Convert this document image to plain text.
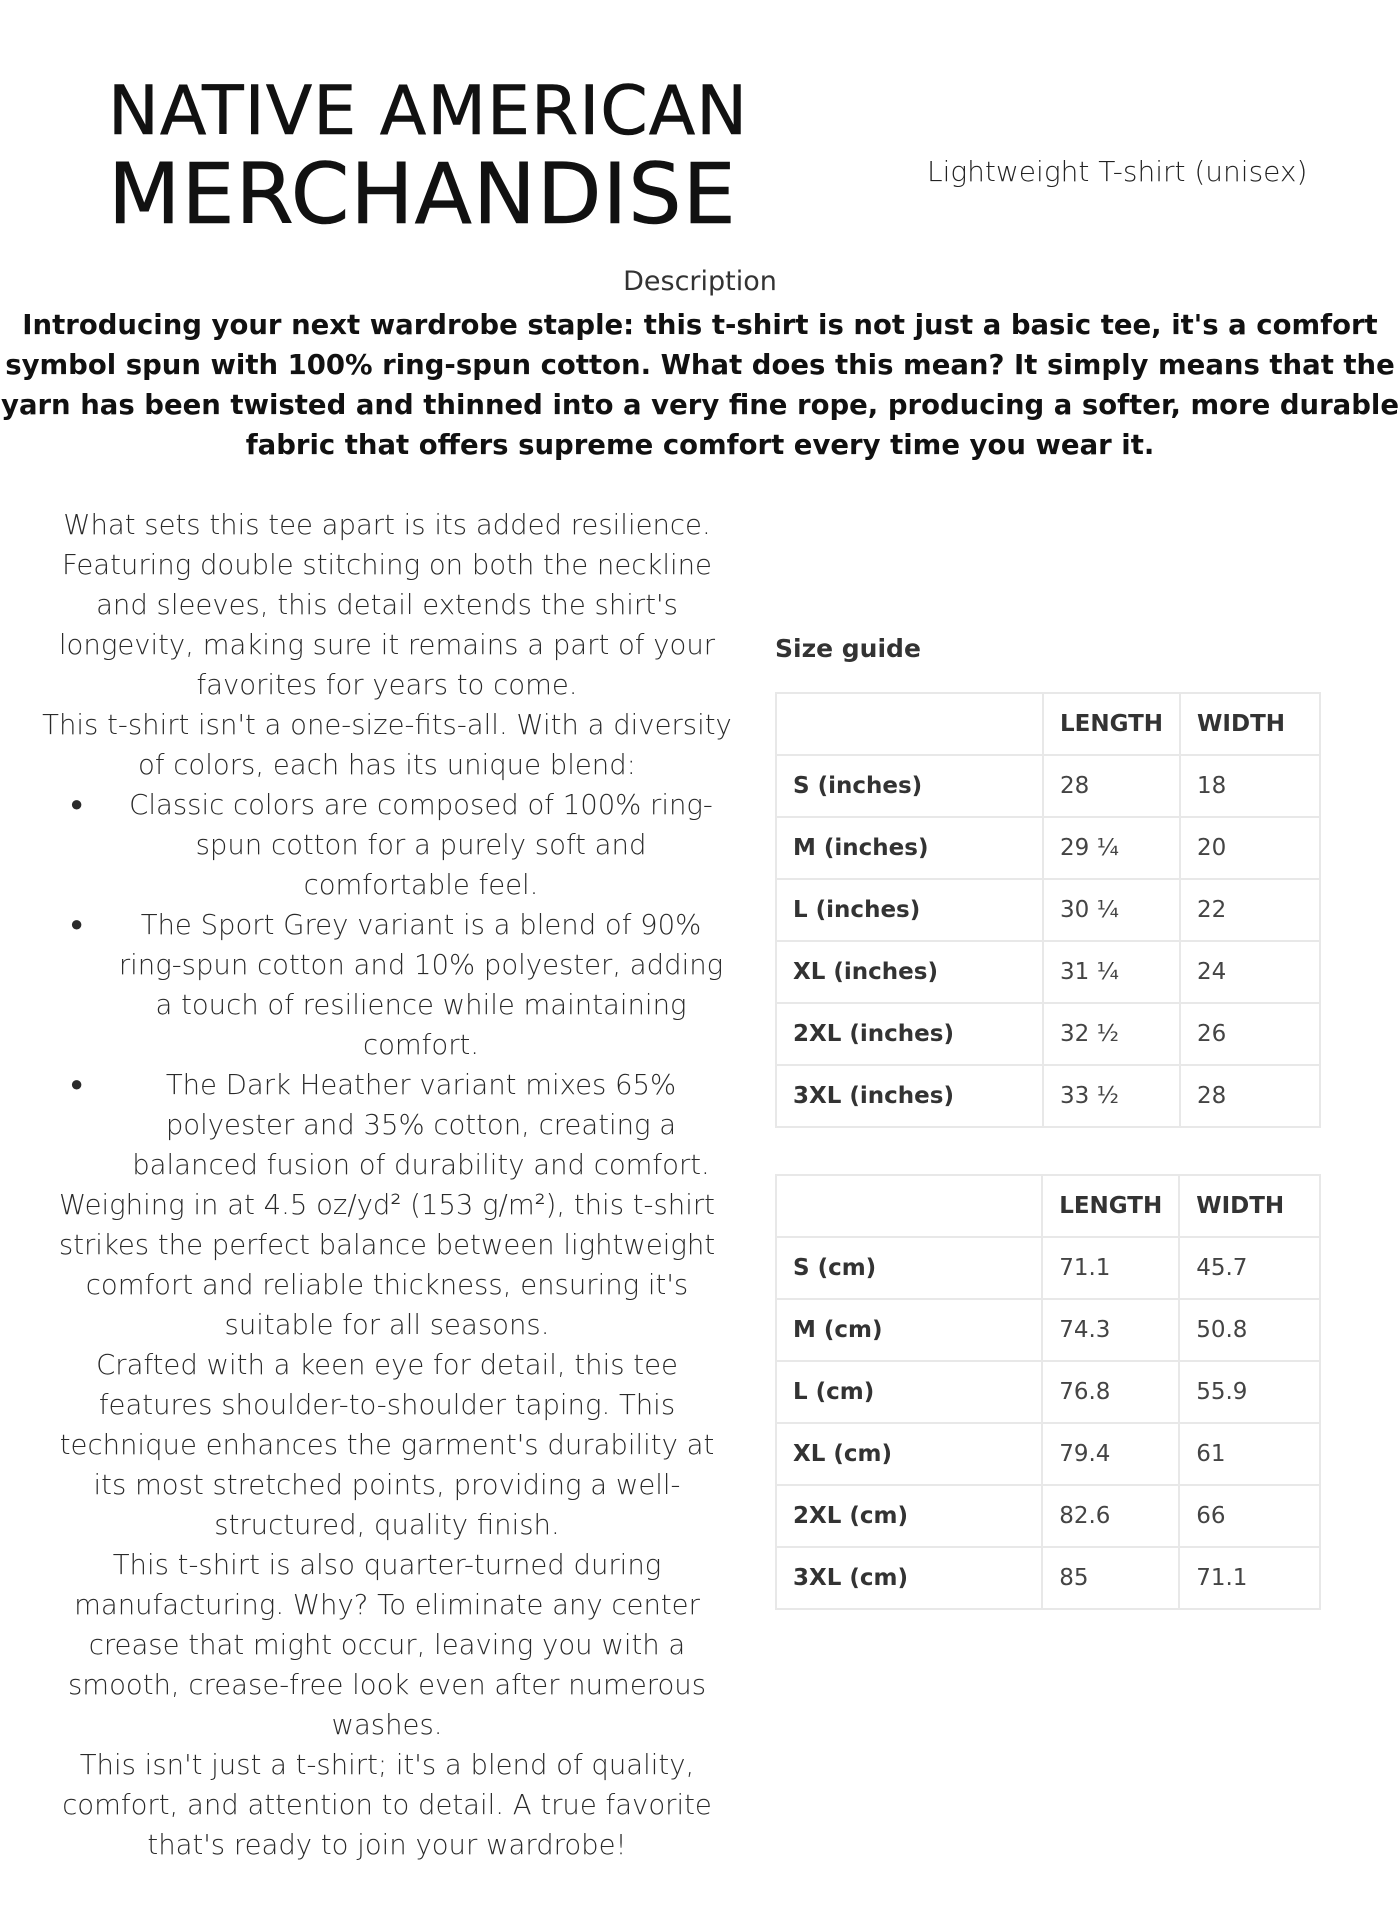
NATIVE AMERICAN
MERCHANDISE	Lightweight T-shirt (unisex)
Description
Introducing your next wardrobe staple: this t-shirt is not just a basic tee, it's a comfort symbol spun with 100% ring-spun cotton. What does this mean? It simply means that the yarn has been twisted and thinned into a very fine rope, producing a softer, more durable fabric that offers supreme comfort every time you wear it.

What sets this tee apart is its added resilience. Featuring double stitching on both the neckline and sleeves, this detail extends the shirt's longevity, making sure it remains a part of your favorites for years to come.

This t-shirt isn't a one-size-fits-all. With a diversity of colors, each has its unique blend:

● Classic colors are composed of 100% ring-spun cotton for a purely soft and comfortable feel.
● The Sport Grey variant is a blend of 90% ring-spun cotton and 10% polyester, adding a touch of resilience while maintaining comfort.
●	The Dark Heather variant mixes 65% polyester and 35% cotton, creating a balanced fusion of durability and comfort.

Weighing in at 4.5 oz/yd² (153 g/m²), this t-shirt strikes the perfect balance between lightweight comfort and reliable thickness, ensuring it's suitable for all seasons.

Crafted with a keen eye for detail, this tee features shoulder-to-shoulder taping. This technique enhances the garment's durability at its most stretched points, providing a well-structured, quality finish.

This t-shirt is also quarter-turned during manufacturing. Why? To eliminate any center crease that might occur, leaving you with a smooth, crease-free look even after numerous washes.

This isn't just a t-shirt; it's a blend of quality, comfort, and attention to detail. A true favorite that's ready to join your wardrobe!

Size guide
	LENGTH	WIDTH
S (inches)	28	18
M (inches)	29 ¼	20
L (inches)	30 ¼	22
XL (inches)	31 ¼	24
2XL (inches)	32 ½	26
3XL (inches)	33 ½	28
	LENGTH	WIDTH
S (cm)	71.1	45.7
M (cm)	74.3	50.8
L (cm)	76.8	55.9
XL (cm)	79.4	61
2XL (cm)	82.6	66
3XL (cm)	85	71.1
